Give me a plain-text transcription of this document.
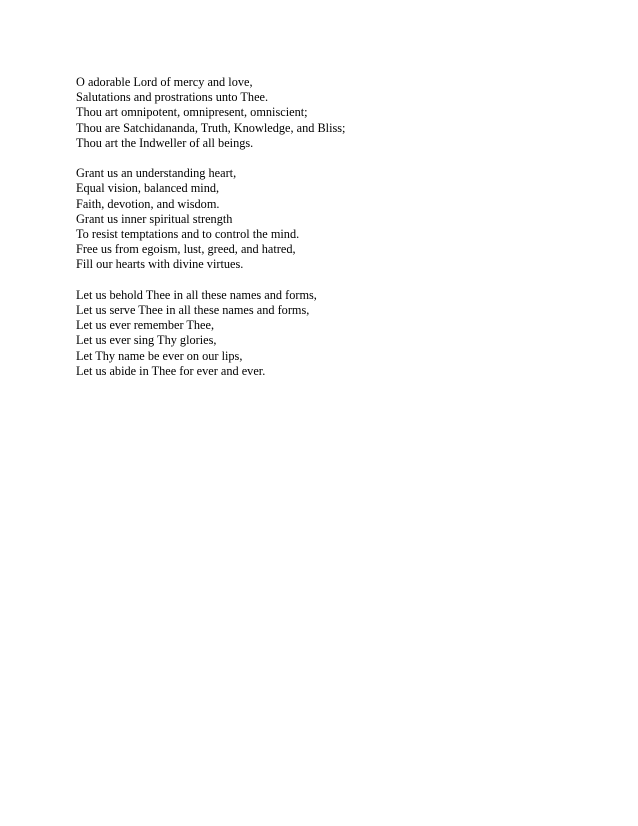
O adorable Lord of mercy and love,
Salutations and prostrations unto Thee.
Thou art omnipotent, omnipresent, omniscient;
Thou are Satchidananda, Truth, Knowledge, and Bliss;
Thou art the Indweller of all beings.
Grant us an understanding heart,
Equal vision, balanced mind,
Faith, devotion, and wisdom.
Grant us inner spiritual strength
To resist temptations and to control the mind.
Free us from egoism, lust, greed, and hatred,
Fill our hearts with divine virtues.
Let us behold Thee in all these names and forms,
Let us serve Thee in all these names and forms,
Let us ever remember Thee,
Let us ever sing Thy glories,
Let Thy name be ever on our lips,
Let us abide in Thee for ever and ever.
